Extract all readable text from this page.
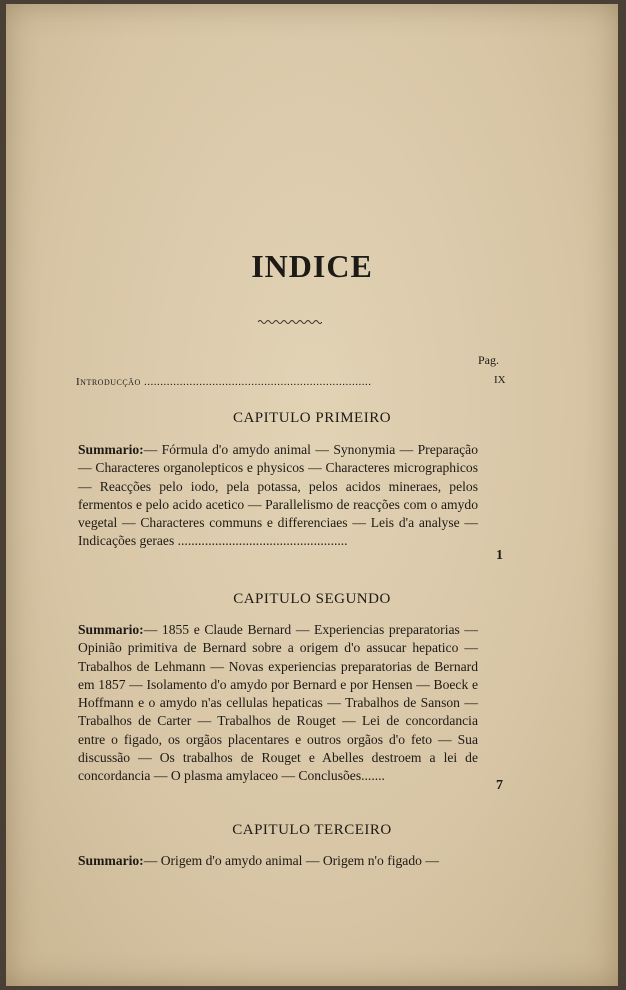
INDICE
Pag.
Introducção ......................................................................	IX
CAPITULO PRIMEIRO
Summario:— Fórmula d'o amydo animal — Synonymia — Preparação — Characteres organolepticos e physicos — Characteres micrographicos — Reacções pelo iodo, pela potassa, pelos acidos mineraes, pelos fermentos e pelo acido acetico — Parallelismo de reacções com o amydo vegetal — Characteres communs e differenciaes — Leis d'a analyse — Indicações geraes ..................................................
1
CAPITULO SEGUNDO
Summario:— 1855 e Claude Bernard — Experiencias preparatorias — Opinião primitiva de Bernard sobre a origem d'o assucar hepatico — Trabalhos de Lehmann — Novas experiencias preparatorias de Bernard em 1857 — Isolamento d'o amydo por Bernard e por Hensen — Boeck e Hoffmann e o amydo n'as cellulas hepaticas — Trabalhos de Sanson — Trabalhos de Carter — Trabalhos de Rouget — Lei de concordancia entre o figado, os orgãos placentares e outros orgãos d'o feto — Sua discussão — Os trabalhos de Rouget e Abelles destroem a lei de concordancia — O plasma amylaceo — Conclusões.......
7
CAPITULO TERCEIRO
Summario:— Origem d'o amydo animal — Origem n'o figado —
